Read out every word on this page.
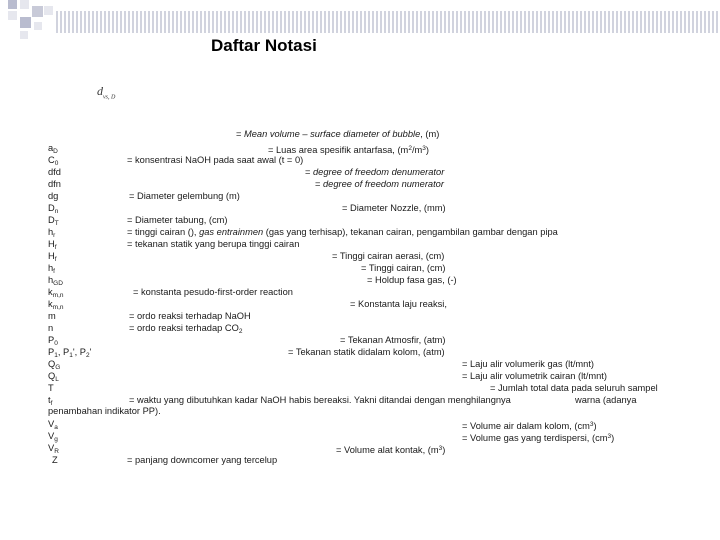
Daftar Notasi
$d_{vs, D}$
= Mean volume – surface diameter of bubble, (m)
$a_D$	= Luas area spesifik antarfasa, $(m^2/m^3)$
$C_0$	= konsentrasi NaOH pada saat awal (t = 0)
dfd	= degree of freedom denumerator
dfn	= degree of freedom numerator
dg	= Diameter gelembung (m)
$D_n$	= Diameter Nozzle, (mm)
$D_T$	= Diameter tabung, (cm)
$h_r$	= tinggi cairan (), gas entrainmen (gas yang terhisap), tekanan cairan, pengambilan gambar dengan pipa
$H_f$	= tekanan statik yang berupa tinggi cairan
$H_f$	= Tinggi cairan aerasi, (cm)
$h_f$	= Tinggi cairan, (cm)
$h_{GD}$	= Holdup fasa gas, (-)
$k_{m,n}$	= konstanta pesudo-first-order reaction
$k_{m,n}$	= Konstanta laju reaksi,
m	= ordo reaksi terhadap NaOH
n	= ordo reaksi terhadap $CO_2$
$P_0$	= Tekanan Atmosfir, (atm)
$P_1$, $P_1'$, $P_2'$	= Tekanan statik didalam kolom, (atm)
$Q_G$	= Laju alir volumerik gas (lt/mnt)
$Q_L$	= Laju alir volumetrik cairan (lt/mnt)
T	= Jumlah total data pada seluruh sampel
$t_f$	= waktu yang dibutuhkan kadar NaOH habis bereaksi. Yakni ditandai dengan menghilangnya	warna (adanya
penambahan indikator PP).
$V_a$	= Volume air dalam kolom, $(cm^3)$
$V_g$	= Volume gas yang terdispersi, $(cm^3)$
$V_R$	= Volume alat kontak, $(m^3)$
Z	= panjang downcomer yang tercelup
